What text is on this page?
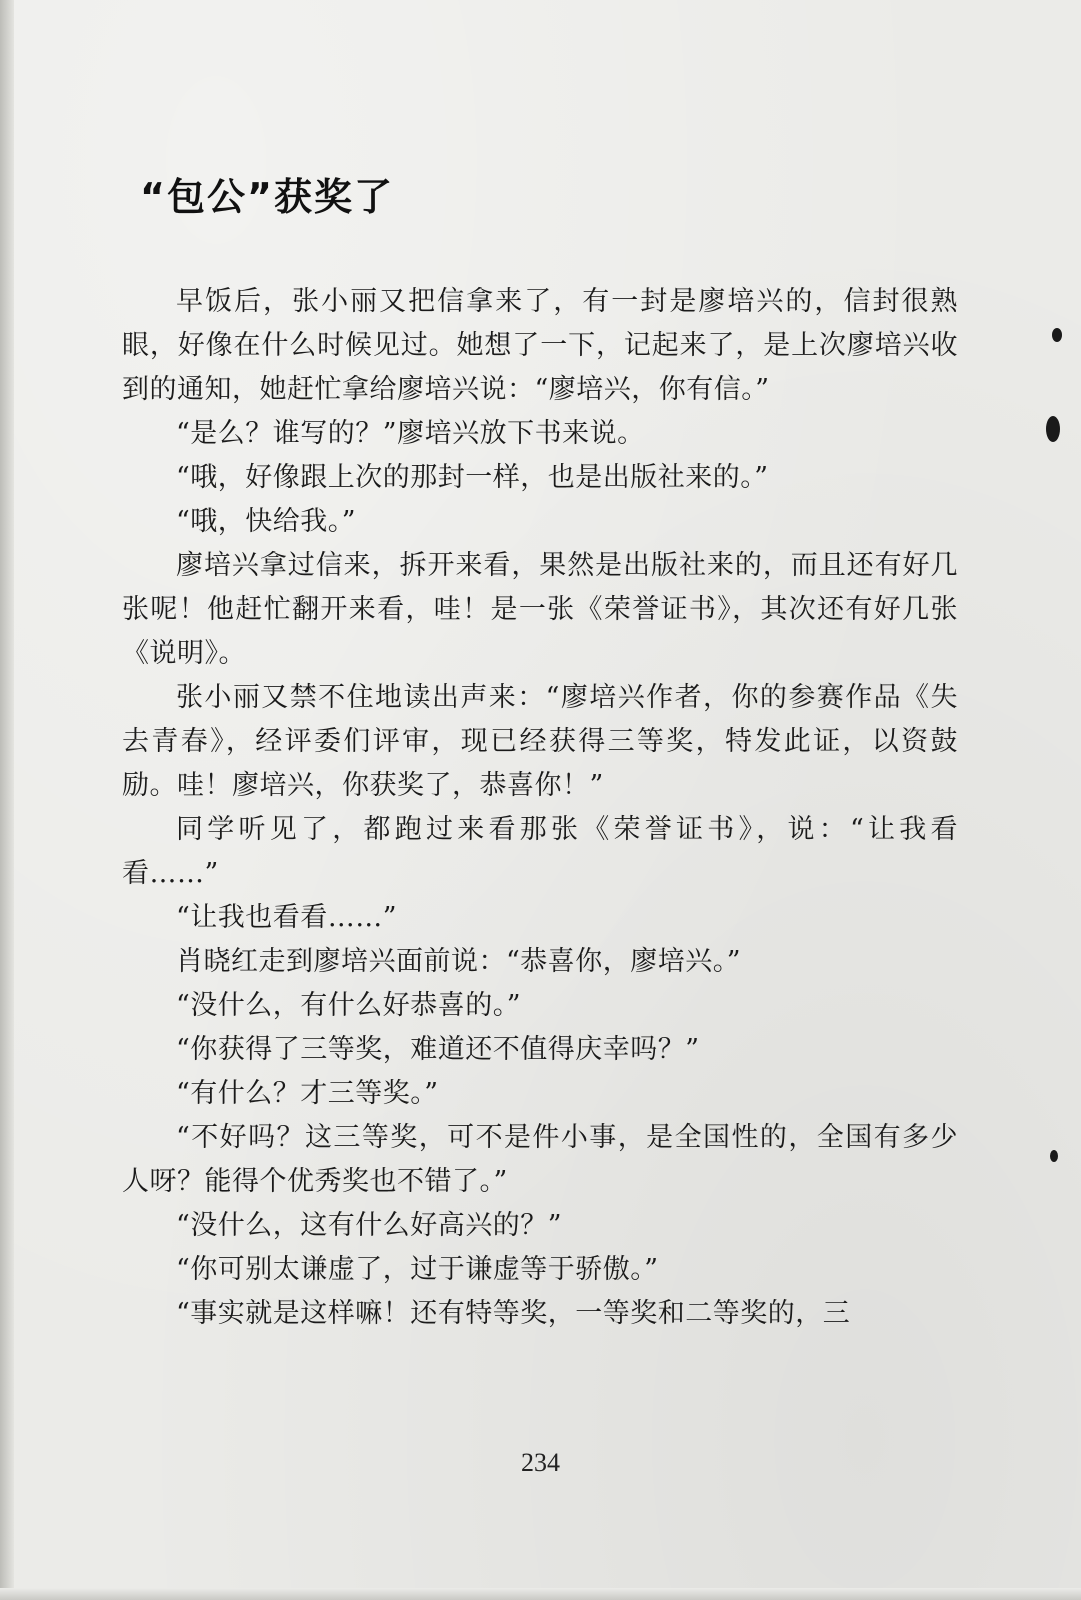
“包公”获奖了

早饭后，张小丽又把信拿来了，有一封是廖培兴的，信封很熟眼，好像在什么时候见过。她想了一下，记起来了，是上次廖培兴收到的通知，她赶忙拿给廖培兴说：“廖培兴，你有信。”

“是么？谁写的？”廖培兴放下书来说。

“哦，好像跟上次的那封一样，也是出版社来的。”

“哦，快给我。”

廖培兴拿过信来，拆开来看，果然是出版社来的，而且还有好几张呢！他赶忙翻开来看，哇！是一张《荣誉证书》，其次还有好几张《说明》。

张小丽又禁不住地读出声来：“廖培兴作者，你的参赛作品《失去青春》，经评委们评审，现已经获得三等奖，特发此证，以资鼓励。哇！廖培兴，你获奖了，恭喜你！”

同学听见了，都跑过来看那张《荣誉证书》，说：“让我看看……”

“让我也看看……”

肖晓红走到廖培兴面前说：“恭喜你，廖培兴。”

“没什么，有什么好恭喜的。”

“你获得了三等奖，难道还不值得庆幸吗？”

“有什么？才三等奖。”

“不好吗？这三等奖，可不是件小事，是全国性的，全国有多少人呀？能得个优秀奖也不错了。”

“没什么，这有什么好高兴的？”

“你可别太谦虚了，过于谦虚等于骄傲。”

“事实就是这样嘛！还有特等奖，一等奖和二等奖的，三

234
